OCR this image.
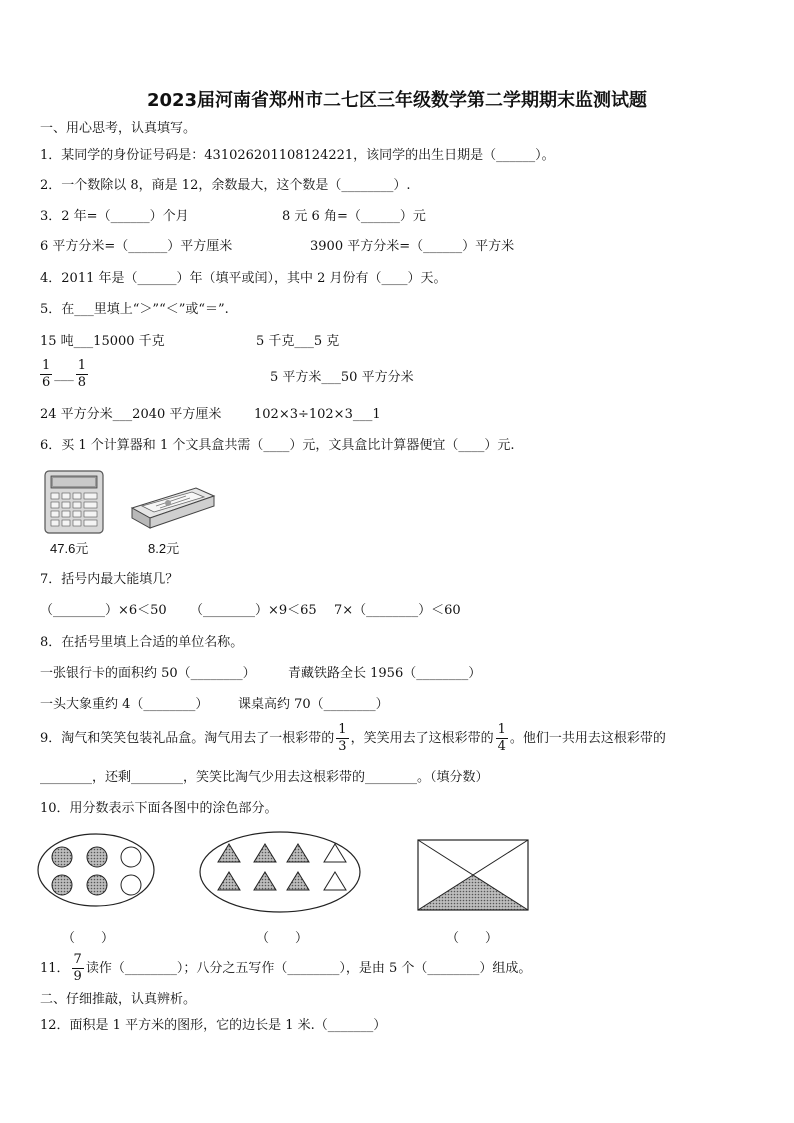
2023届河南省郑州市二七区三年级数学第二学期期末监测试题
一、用心思考，认真填写。
1．某同学的身份证号码是：431026201108124221，该同学的出生日期是（______）。
2．一个数除以 8，商是 12，余数最大，这个数是（________）.
3．2 年=（______）个月	8 元 6 角=（______）元
6 平方分米=（______）平方厘米	3900 平方分米=（______）平方米
4．2011 年是（______）年（填平或闰），其中 2 月份有（____）天。
5．在___里填上“＞”“＜”或“＝”.
15 吨___15000 千克	5 千克___5 克
$\frac{1}{6}$ ___ $\frac{1}{8}$	5 平方米___50 平方分米
24 平方分米___2040 平方厘米	102×3÷102×3___1
6．买 1 个计算器和 1 个文具盒共需（____）元，文具盒比计算器便宜（____）元.
47.6元	8.2元
7．括号内最大能填几？
（________）×6＜50 （________）×9＜65 7×（________）＜60
8．在括号里填上合适的单位名称。
一张银行卡的面积约 50（________） 青藏铁路全长 1956（________）
一头大象重约 4（________） 课桌高约 70（________）
9．淘气和笑笑包装礼品盒。淘气用去了一根彩带的 $\frac{1}{3}$ ，笑笑用去了这根彩带的 $\frac{1}{4}$ 。他们一共用去这根彩带的
________，还剩________，笑笑比淘气少用去这根彩带的________。（填分数）
10．用分数表示下面各图中的涂色部分。
（　　）	（　　）	（　　）
11． $\frac{7}{9}$ 读作（________）；八分之五写作（________），是由 5 个（________）组成。
二、仔细推敲，认真辨析。
12．面积是 1 平方米的图形，它的边长是 1 米.（_______）
